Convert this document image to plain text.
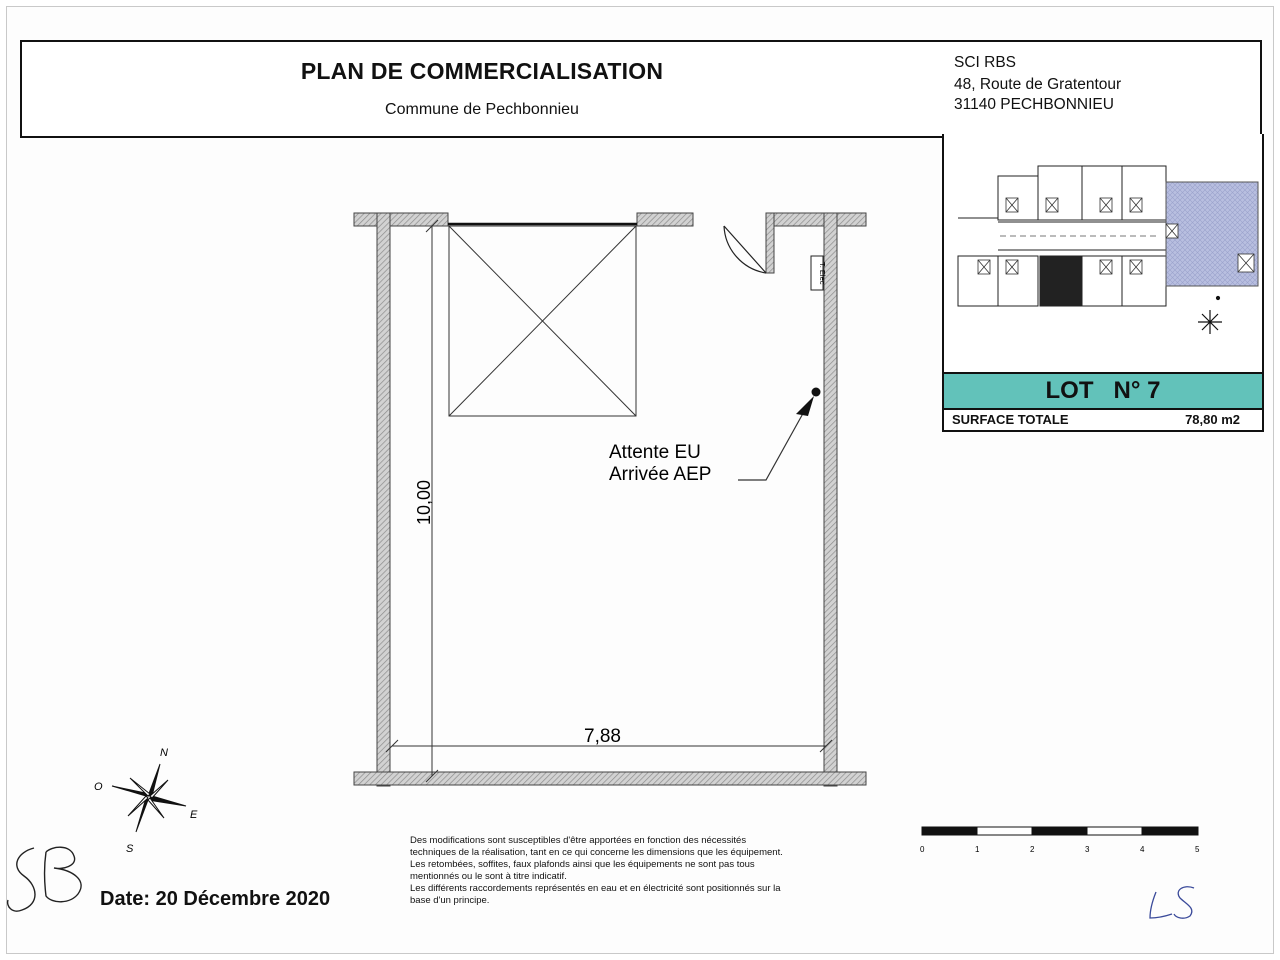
PLAN DE COMMERCIALISATION
Commune de Pechbonnieu
SCI RBS
48, Route de Gratentour
31140 PECHBONNIEU
LOT N° 7
SURFACE TOTALE	78,80 m2
T. Elec
Attente EU
Arrivée AEP
10,00
7,88
N
E
S
O
0	1	2	3	4	5
Des modifications sont susceptibles d'être apportées en fonction des nécessités
techniques de la réalisation, tant en ce qui concerne les dimensions que les équipement.
Les retombées, soffites, faux plafonds ainsi que les équipements ne sont pas tous
mentionnés ou le sont à titre indicatif.
Les différents raccordements représentés en eau et en électricité sont positionnés sur la
base d'un principe.
Date: 20 Décembre 2020
